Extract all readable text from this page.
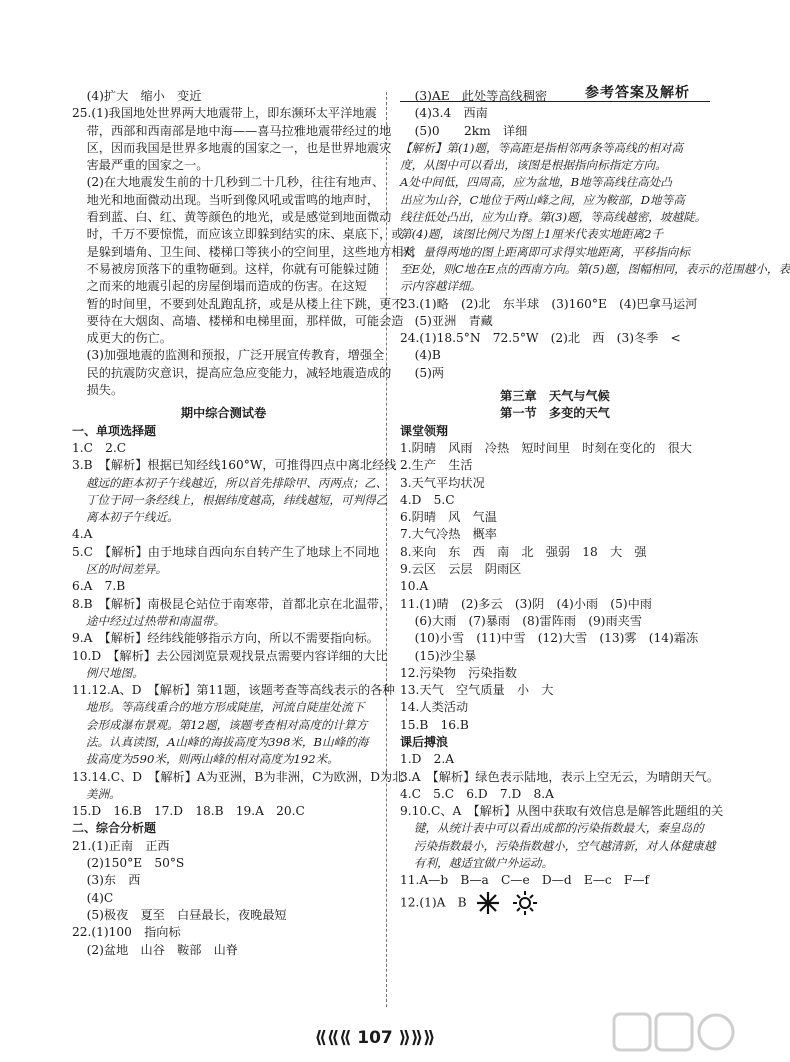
参考答案及解析
(4)扩大　缩小　变近
25.(1)我国地处世界两大地震带上，即东濒环太平洋地震
带，西部和西南部是地中海——喜马拉雅地震带经过的地
区，因而我国是世界多地震的国家之一，也是世界地震灾
害最严重的国家之一。
(2)在大地震发生前的十几秒到二十几秒，往往有地声、
地光和地面微动出现。当听到像风吼或雷鸣的地声时，
看到蓝、白、红、黄等颜色的地光，或是感觉到地面微动
时，千万不要惊慌，而应该立即躲到结实的床、桌底下，或
是躲到墙角、卫生间、楼梯口等狭小的空间里，这些地方相对
不易被房顶落下的重物砸到。这样，你就有可能躲过随
之而来的地震引起的房屋倒塌而造成的伤害。在这短
暂的时间里，不要到处乱跑乱挤，或是从楼上往下跳，更不
要待在大烟囱、高墙、楼梯和电梯里面，那样做，可能会造
成更大的伤亡。
(3)加强地震的监测和预报，广泛开展宣传教育，增强全
民的抗震防灾意识，提高应急应变能力，减轻地震造成的
损失。
期中综合测试卷
一、单项选择题
1.C　2.C
3.B　【解析】根据已知经线160°W，可推得四点中离北经线
越远的距本初子午线越近，所以首先排除甲、丙两点；乙、
丁位于同一条经线上，根据纬度越高，纬线越短，可判得乙
离本初子午线近。
4.A
5.C　【解析】由于地球自西向东自转产生了地球上不同地
区的时间差异。
6.A　7.B
8.B　【解析】南极昆仑站位于南寒带，首都北京在北温带，
途中经过过热带和南温带。
9.A　【解析】经纬线能够指示方向，所以不需要指向标。
10.D　【解析】去公园浏览景观找景点需要内容详细的大比
例尺地图。
11.12.A、D　【解析】第11题，该题考查等高线表示的各种
地形。等高线重合的地方形成陡崖，河流自陡崖处流下
会形成瀑布景观。第12题，该题考查相对高度的计算方
法。认真读图，A山峰的海拔高度为398米，B山峰的海
拔高度为590米，则两山峰的相对高度为192米。
13.14.C、D　【解析】A为亚洲，B为非洲，C为欧洲，D为北
美洲。
15.D　16.B　17.D　18.B　19.A　20.C
二、综合分析题
21.(1)正南　正西
(2)150°E　50°S
(3)东　西
(4)C
(5)极夜　夏至　白昼最长，夜晚最短
22.(1)100　指向标
(2)盆地　山谷　鞍部　山脊
(3)AE　此处等高线稠密
(4)3.4　西南
(5)0　　2km　详细
【解析】第(1)题，等高距是指相邻两条等高线的相对高
度，从图中可以看出，该图是根据指向标指定方向。
A处中间低，四周高，应为盆地，B地等高线往高处凸
出应为山谷，C地位于两山峰之间，应为鞍部，D地等高
线往低处凸出，应为山脊。第(3)题，等高线越密，坡越陡。
第(4)题，该图比例尺为图上1厘米代表实地距离2千
米，量得两地的图上距离即可求得实地距离，平移指向标
至E处，则C地在E点的西南方向。第(5)题，图幅相同，表示的范围越小，表
示内容越详细。
23.(1)略　(2)北　东半球　(3)160°E　(4)巴拿马运河
(5)亚洲　青藏
24.(1)18.5°N　72.5°W　(2)北　西　(3)冬季　<
(4)B
(5)两
第三章　天气与气候
第一节　多变的天气
课堂领翔
1.阴晴　风雨　冷热　短时间里　时刻在变化的　很大
2.生产　生活
3.天气平均状况
4.D　5.C
6.阴晴　风　气温
7.大气冷热　概率
8.来向　东　西　南　北　强弱　18　大　强
9.云区　云层　阴雨区
10.A
11.(1)晴　(2)多云　(3)阴　(4)小雨　(5)中雨
(6)大雨　(7)暴雨　(8)雷阵雨　(9)雨夹雪
(10)小雪　(11)中雪　(12)大雪　(13)雾　(14)霜冻
(15)沙尘暴
12.污染物　污染指数
13.天气　空气质量　小　大
14.人类活动
15.B　16.B
课后搏浪
1.D　2.A
3.A　【解析】绿色表示陆地，表示上空无云，为晴朗天气。
4.C　5.C　6.D　7.D　8.A
9.10.C、A　【解析】从图中获取有效信息是解答此题组的关
键，从统计表中可以看出成都的污染指数最大，秦皇岛的
污染指数最小，污染指数越小，空气越清新，对人体健康越
有利，越适宜做户外运动。
11.A—b　B—a　C—e　D—d　E—c　F—f
12.(1)A　B
⟪⟪⟪ 107 ⟫⟫⟫
